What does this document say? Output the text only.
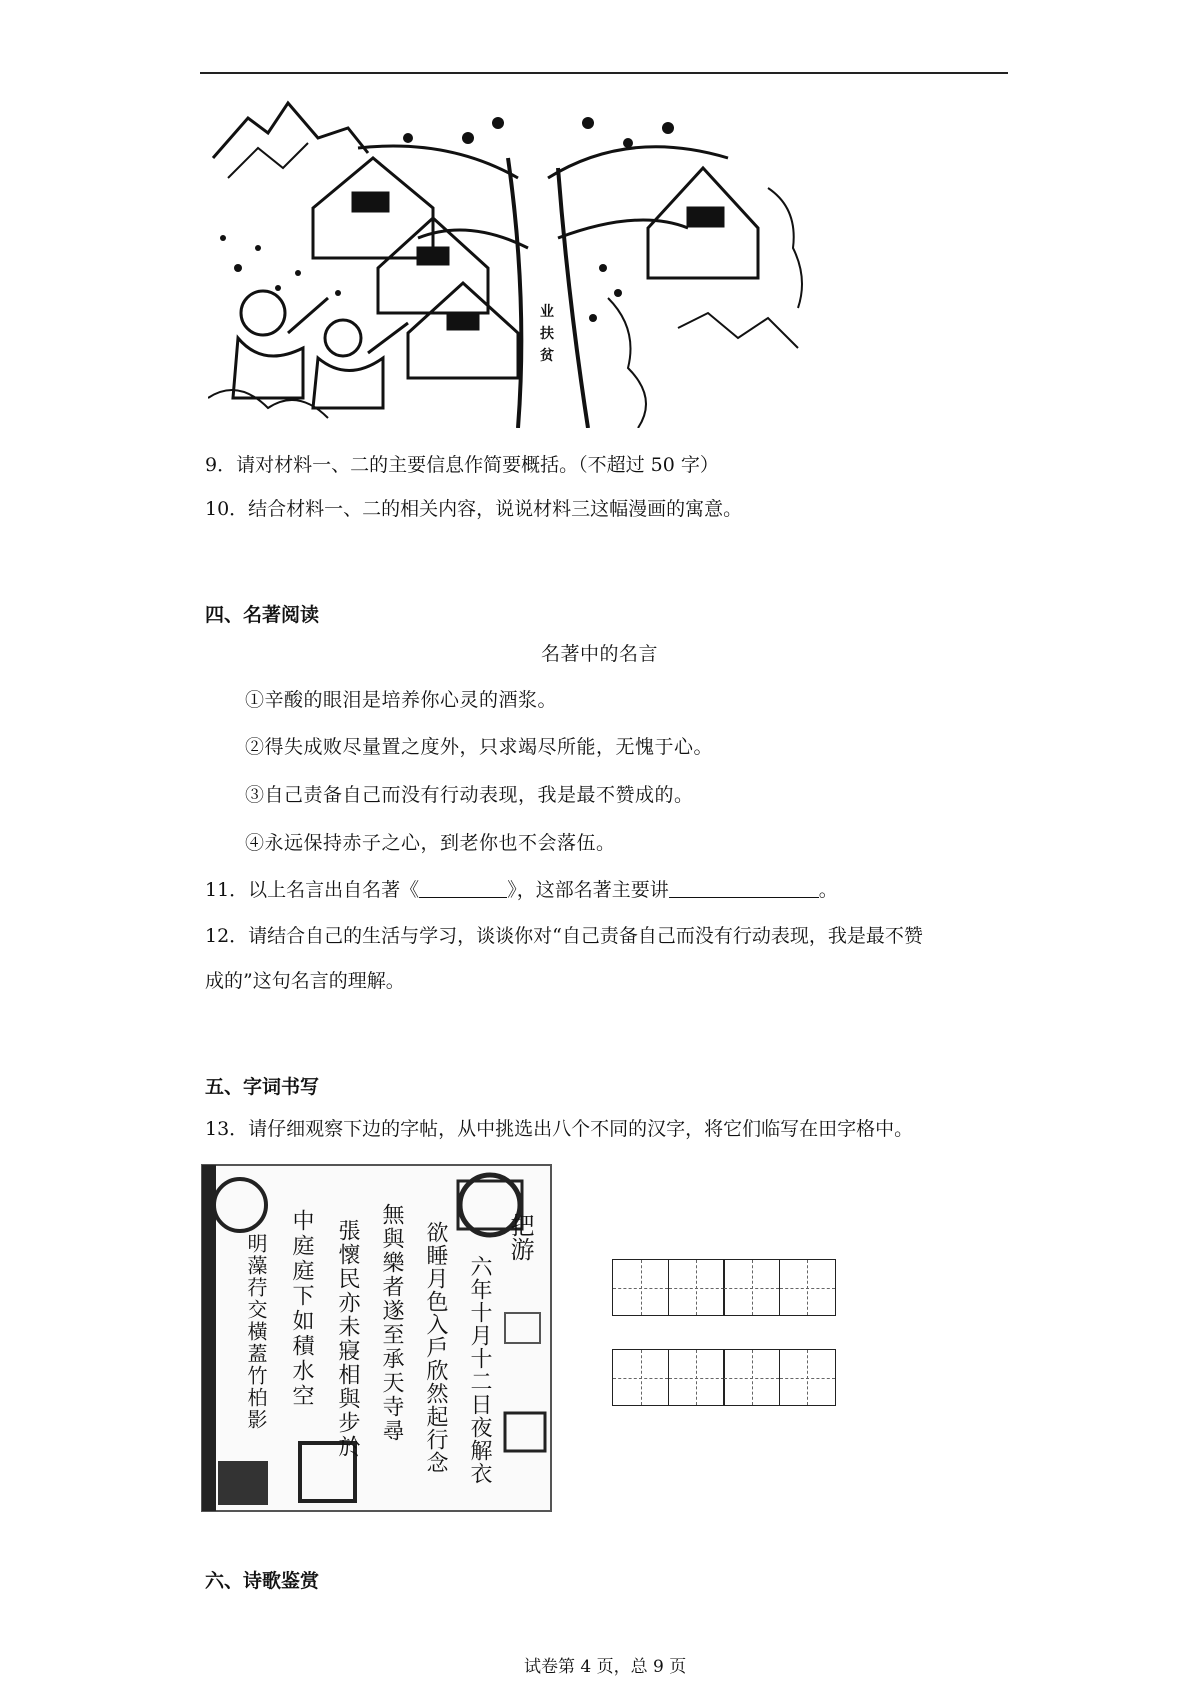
业
扶
贫
9．请对材料一、二的主要信息作简要概括。（不超过 50 字）
10．结合材料一、二的相关内容，说说材料三这幅漫画的寓意。
四、名著阅读
名著中的名言
①辛酸的眼泪是培养你心灵的酒浆。
②得失成败尽量置之度外，只求竭尽所能，无愧于心。
③自己责备自己而没有行动表现，我是最不赞成的。
④永远保持赤子之心，到老你也不会落伍。
11．以上名言出自名著《	》，这部名著主要讲	。
12．请结合自己的生活与学习，谈谈你对“自己责备自己而没有行动表现，我是最不赞
成的”这句名言的理解。
五、字词书写
13．请仔细观察下边的字帖，从中挑选出八个不同的汉字，将它们临写在田字格中。
把游
六年十月十二日夜解衣
欲睡月色入戶欣然起行念
無與樂者遂至承天寺尋
張懷民亦未寢相與步於
中庭庭下如積水空
明藻荇交橫蓋竹柏影
六、诗歌鉴赏
试卷第 4 页，总 9 页
